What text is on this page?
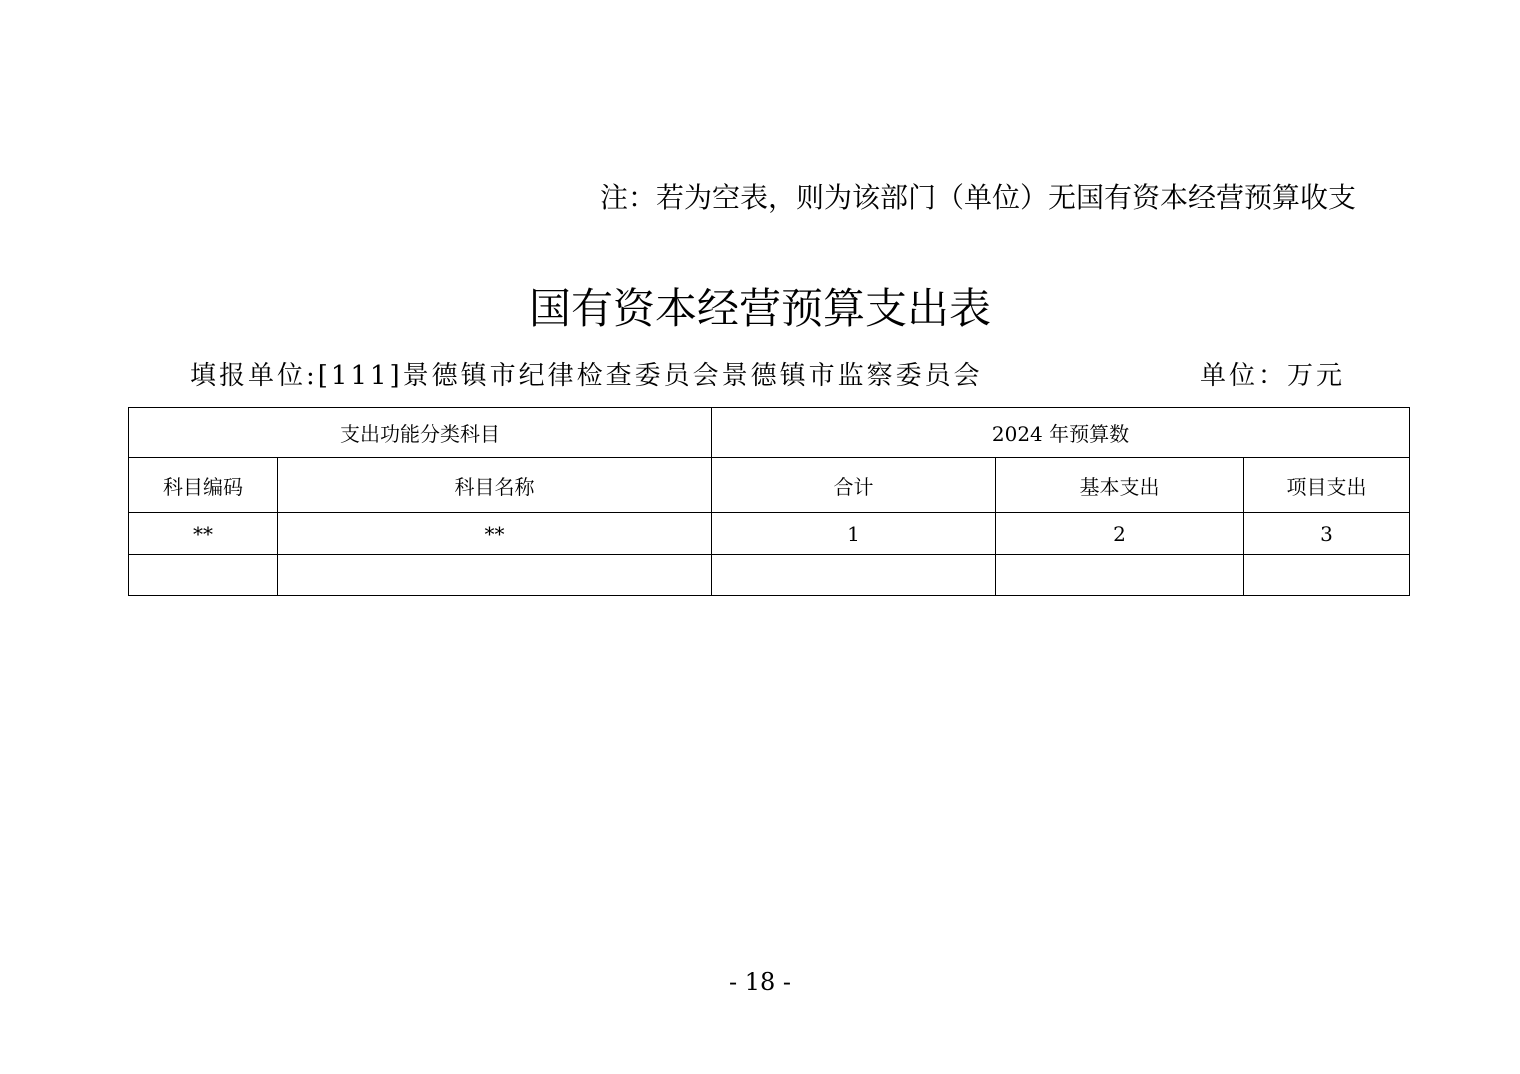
注：若为空表，则为该部门（单位）无国有资本经营预算收支
国有资本经营预算支出表
填报单位:[111]景德镇市纪律检查委员会景德镇市监察委员会	单位：万元
支出功能分类科目		2024 年预算数		
科目编码	科目名称	合计	基本支出	项目支出
**	**	1	2	3

- 18 -
